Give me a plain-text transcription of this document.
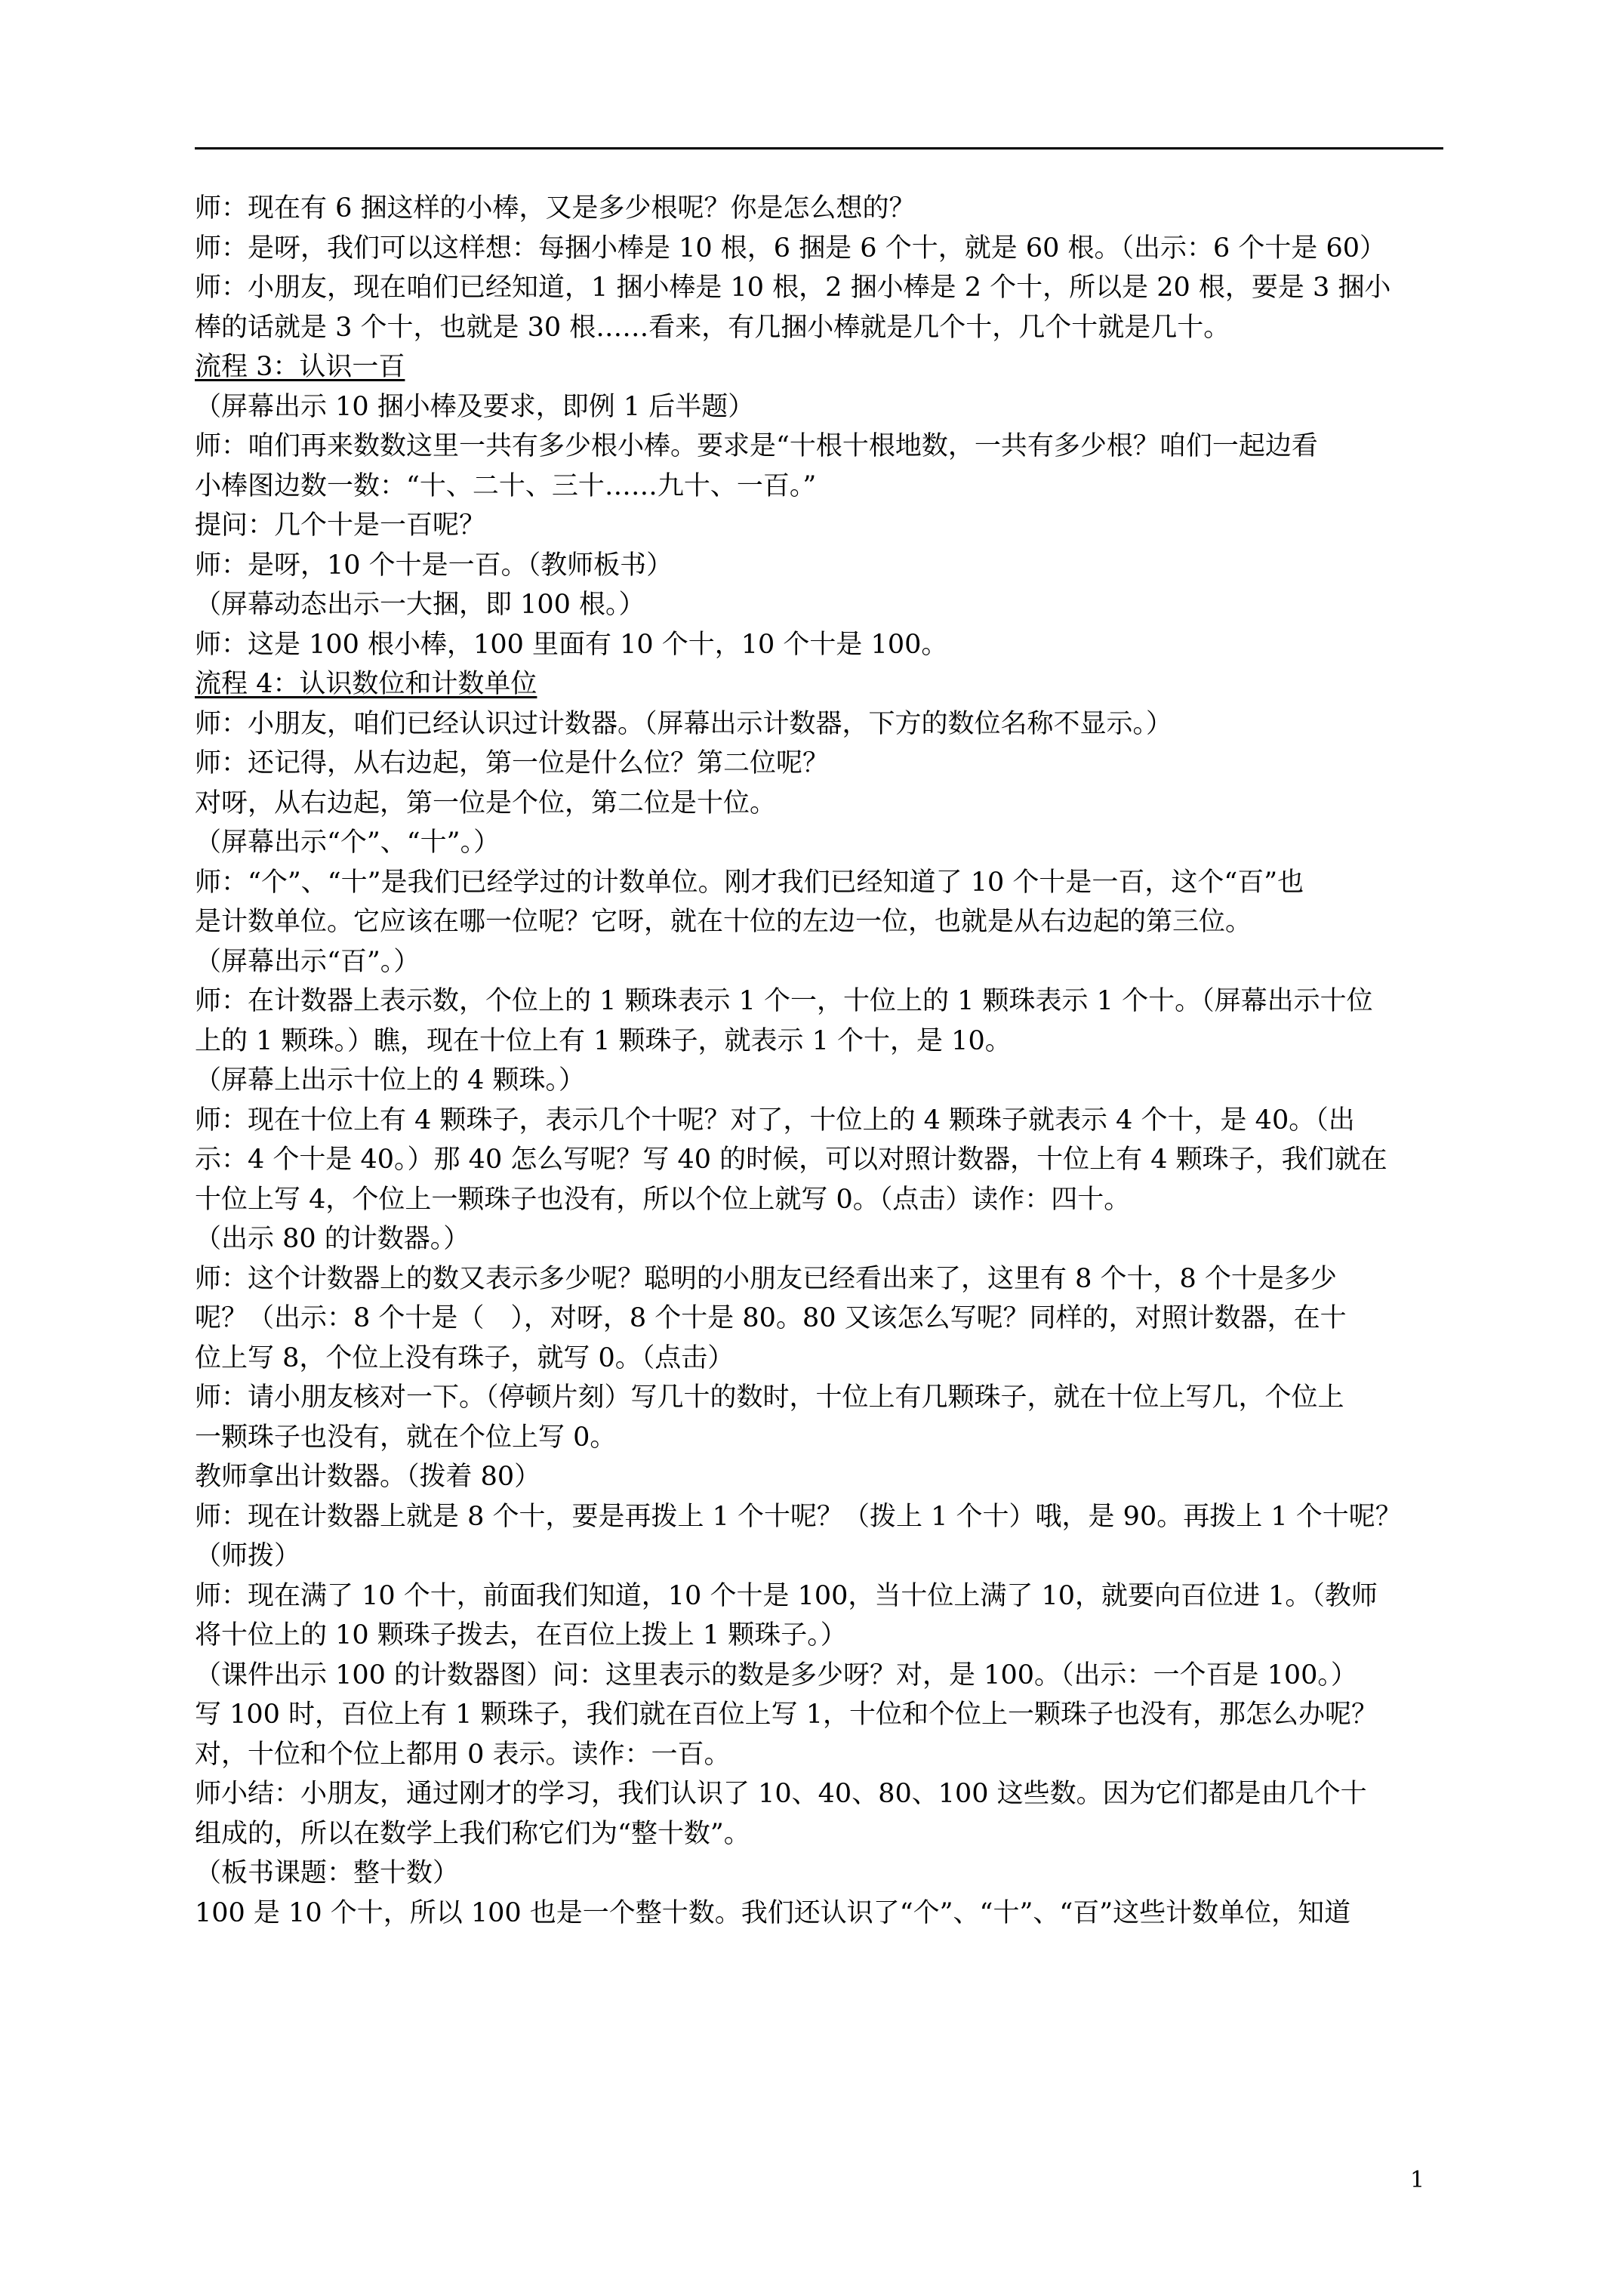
师：现在有 6 捆这样的小棒，又是多少根呢？你是怎么想的？
师：是呀，我们可以这样想：每捆小棒是 10 根，6 捆是 6 个十，就是 60 根。（出示：6 个十是 60）
师：小朋友，现在咱们已经知道，1 捆小棒是 10 根，2 捆小棒是 2 个十，所以是 20 根，要是 3 捆小
棒的话就是 3 个十，也就是 30 根……看来，有几捆小棒就是几个十，几个十就是几十。
流程 3：认识一百
（屏幕出示 10 捆小棒及要求，即例 1 后半题）
师：咱们再来数数这里一共有多少根小棒。要求是“十根十根地数，一共有多少根？咱们一起边看
小棒图边数一数：“十、二十、三十……九十、一百。”
提问：几个十是一百呢？
师：是呀，10 个十是一百。（教师板书）
（屏幕动态出示一大捆，即 100 根。）
师：这是 100 根小棒，100 里面有 10 个十，10 个十是 100。
流程 4：认识数位和计数单位
师：小朋友，咱们已经认识过计数器。（屏幕出示计数器，下方的数位名称不显示。）
师：还记得，从右边起，第一位是什么位？第二位呢？
对呀，从右边起，第一位是个位，第二位是十位。
（屏幕出示“个”、“十”。）
师：“个”、“十”是我们已经学过的计数单位。刚才我们已经知道了 10 个十是一百，这个“百”也
是计数单位。它应该在哪一位呢？它呀，就在十位的左边一位，也就是从右边起的第三位。
（屏幕出示“百”。）
师：在计数器上表示数，个位上的 1 颗珠表示 1 个一，十位上的 1 颗珠表示 1 个十。（屏幕出示十位
上的 1 颗珠。）瞧，现在十位上有 1 颗珠子，就表示 1 个十，是 10。
（屏幕上出示十位上的 4 颗珠。）
师：现在十位上有 4 颗珠子，表示几个十呢？对了，十位上的 4 颗珠子就表示 4 个十，是 40。（出
示：4 个十是 40。）那 40 怎么写呢？写 40 的时候，可以对照计数器，十位上有 4 颗珠子，我们就在
十位上写 4，个位上一颗珠子也没有，所以个位上就写 0。（点击）读作：四十。
（出示 80 的计数器。）
师：这个计数器上的数又表示多少呢？聪明的小朋友已经看出来了，这里有 8 个十，8 个十是多少
呢？（出示：8 个十是（　），对呀，8 个十是 80。80 又该怎么写呢？同样的，对照计数器，在十
位上写 8，个位上没有珠子，就写 0。（点击）
师：请小朋友核对一下。（停顿片刻）写几十的数时，十位上有几颗珠子，就在十位上写几，个位上
一颗珠子也没有，就在个位上写 0。
教师拿出计数器。（拨着 80）
师：现在计数器上就是 8 个十，要是再拨上 1 个十呢？（拨上 1 个十）哦，是 90。再拨上 1 个十呢？
（师拨）
师：现在满了 10 个十，前面我们知道，10 个十是 100，当十位上满了 10，就要向百位进 1。（教师
将十位上的 10 颗珠子拨去，在百位上拨上 1 颗珠子。）
（课件出示 100 的计数器图）问：这里表示的数是多少呀？对，是 100。（出示：一个百是 100。）
写 100 时，百位上有 1 颗珠子，我们就在百位上写 1，十位和个位上一颗珠子也没有，那怎么办呢？
对，十位和个位上都用 0 表示。读作：一百。
师小结：小朋友，通过刚才的学习，我们认识了 10、40、80、100 这些数。因为它们都是由几个十
组成的，所以在数学上我们称它们为“整十数”。
（板书课题：整十数）
100 是 10 个十，所以 100 也是一个整十数。我们还认识了“个”、“十”、“百”这些计数单位，知道
1
